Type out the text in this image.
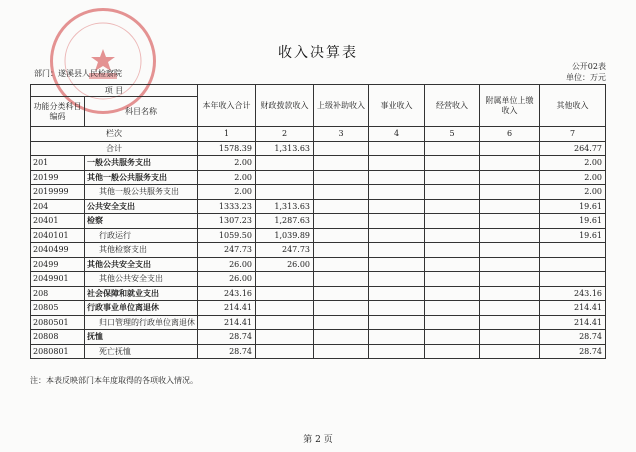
收入决算表
部门：遂溪县人民检察院
公开02表
单位：万元
项 目		本年收入合计	财政拨款收入	上级补助收入	事业收入	经营收入	附属单位上缴收入	其他收入
功能分类科目编码	科目名称							
栏次		1	2	3	4	5	6	7
合计		1578.39	1,313.63					264.77
201	一般公共服务支出	2.00						2.00
20199	其他一般公共服务支出	2.00						2.00
2019999	其他一般公共服务支出	2.00						2.00
204	公共安全支出	1333.23	1,313.63					19.61
20401	检察	1307.23	1,287.63					19.61
2040101	行政运行	1059.50	1,039.89					19.61
2040499	其他检察支出	247.73	247.73					
20499	其他公共安全支出	26.00	26.00					
2049901	其他公共安全支出	26.00						
208	社会保障和就业支出	243.16						243.16
20805	行政事业单位离退休	214.41						214.41
2080501	归口管理的行政单位离退休	214.41						214.41
20808	抚恤	28.74						28.74
2080801	死亡抚恤	28.74						28.74
注：本表反映部门本年度取得的各项收入情况。
第 2 页
